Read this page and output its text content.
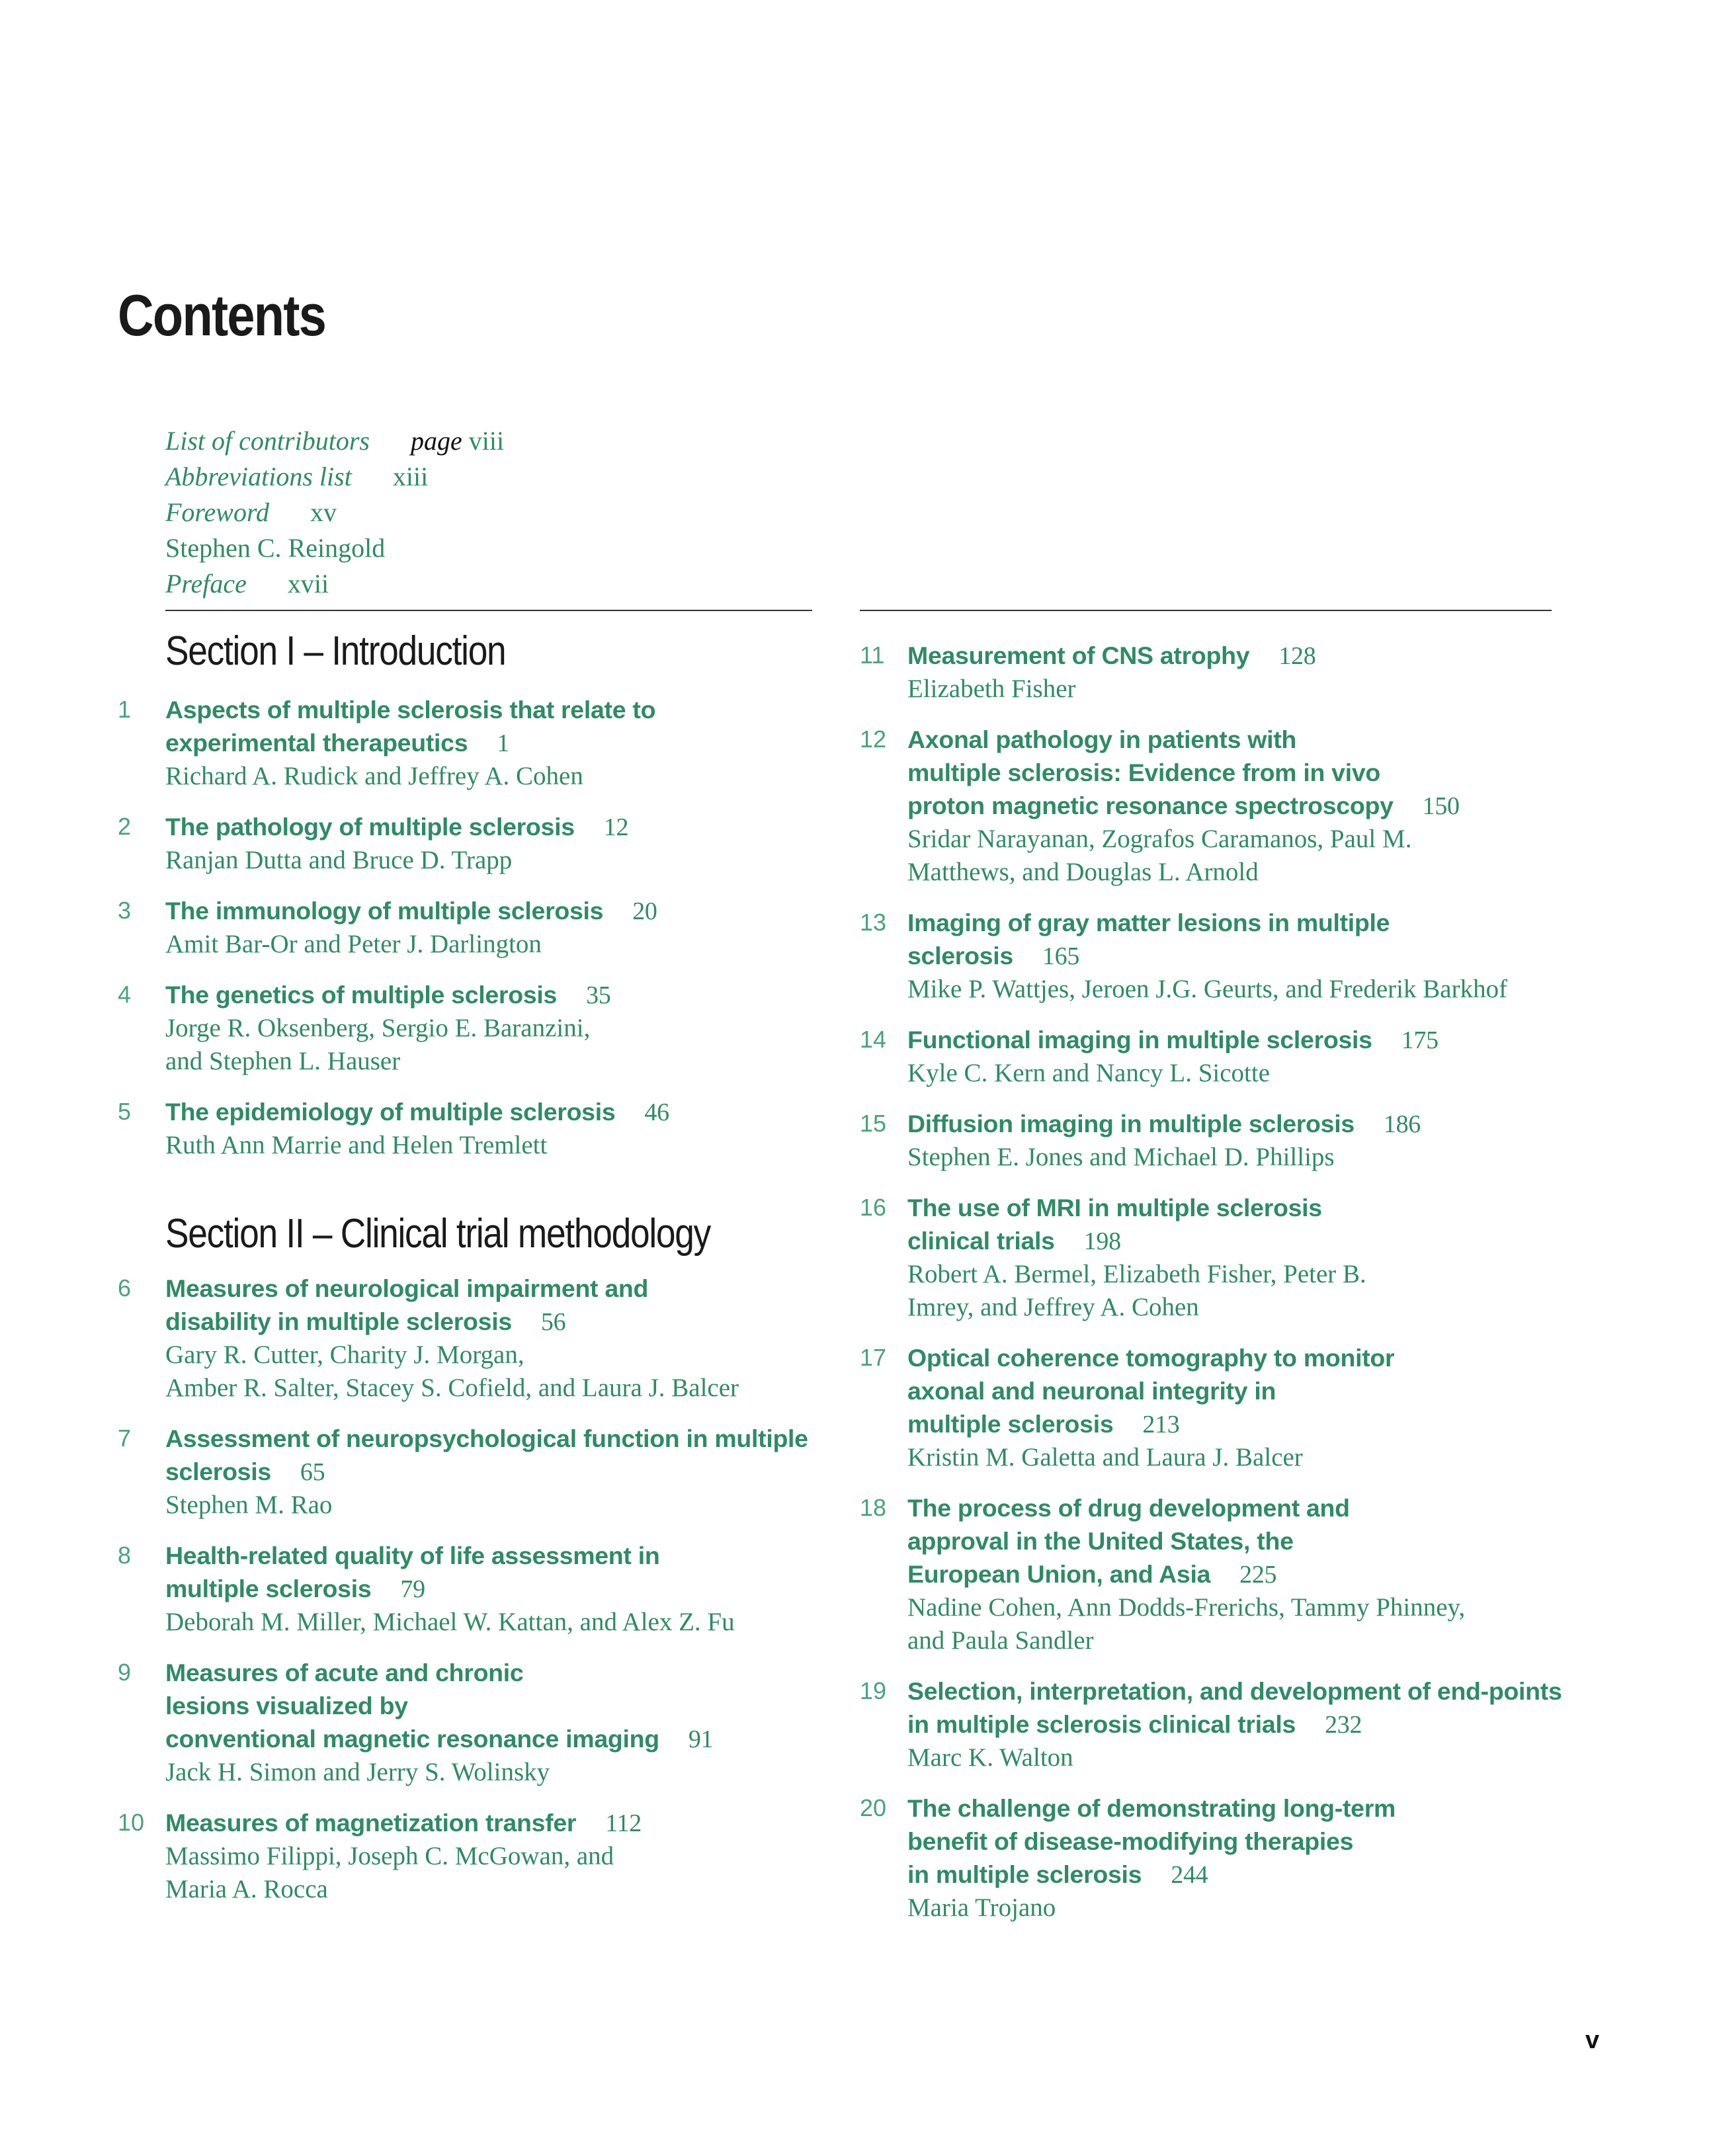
Contents
List of contributors page viii
Abbreviations list xiii
Foreword xv
Stephen C. Reingold
Preface xvii
Section I – Introduction
1 Aspects of multiple sclerosis that relate to
experimental therapeutics 1
Richard A. Rudick and Jeffrey A. Cohen
2 The pathology of multiple sclerosis 12
Ranjan Dutta and Bruce D. Trapp
3 The immunology of multiple sclerosis 20
Amit Bar-Or and Peter J. Darlington
4 The genetics of multiple sclerosis 35
Jorge R. Oksenberg, Sergio E. Baranzini,
and Stephen L. Hauser
5 The epidemiology of multiple sclerosis 46
Ruth Ann Marrie and Helen Tremlett
Section II – Clinical trial methodology
6 Measures of neurological impairment and
disability in multiple sclerosis 56
Gary R. Cutter, Charity J. Morgan,
Amber R. Salter, Stacey S. Cofield, and Laura J. Balcer
7 Assessment of neuropsychological function in multiple
sclerosis 65
Stephen M. Rao
8 Health-related quality of life assessment in
multiple sclerosis 79
Deborah M. Miller, Michael W. Kattan, and Alex Z. Fu
9 Measures of acute and chronic
lesions visualized by
conventional magnetic resonance imaging 91
Jack H. Simon and Jerry S. Wolinsky
10 Measures of magnetization transfer 112
Massimo Filippi, Joseph C. McGowan, and
Maria A. Rocca
11 Measurement of CNS atrophy 128
Elizabeth Fisher
12 Axonal pathology in patients with
multiple sclerosis: Evidence from in vivo
proton magnetic resonance spectroscopy 150
Sridar Narayanan, Zografos Caramanos, Paul M.
Matthews, and Douglas L. Arnold
13 Imaging of gray matter lesions in multiple
sclerosis 165
Mike P. Wattjes, Jeroen J.G. Geurts, and Frederik Barkhof
14 Functional imaging in multiple sclerosis 175
Kyle C. Kern and Nancy L. Sicotte
15 Diffusion imaging in multiple sclerosis 186
Stephen E. Jones and Michael D. Phillips
16 The use of MRI in multiple sclerosis
clinical trials 198
Robert A. Bermel, Elizabeth Fisher, Peter B.
Imrey, and Jeffrey A. Cohen
17 Optical coherence tomography to monitor
axonal and neuronal integrity in
multiple sclerosis 213
Kristin M. Galetta and Laura J. Balcer
18 The process of drug development and
approval in the United States, the
European Union, and Asia 225
Nadine Cohen, Ann Dodds-Frerichs, Tammy Phinney,
and Paula Sandler
19 Selection, interpretation, and development of end-points
in multiple sclerosis clinical trials 232
Marc K. Walton
20 The challenge of demonstrating long-term
benefit of disease-modifying therapies
in multiple sclerosis 244
Maria Trojano
v
